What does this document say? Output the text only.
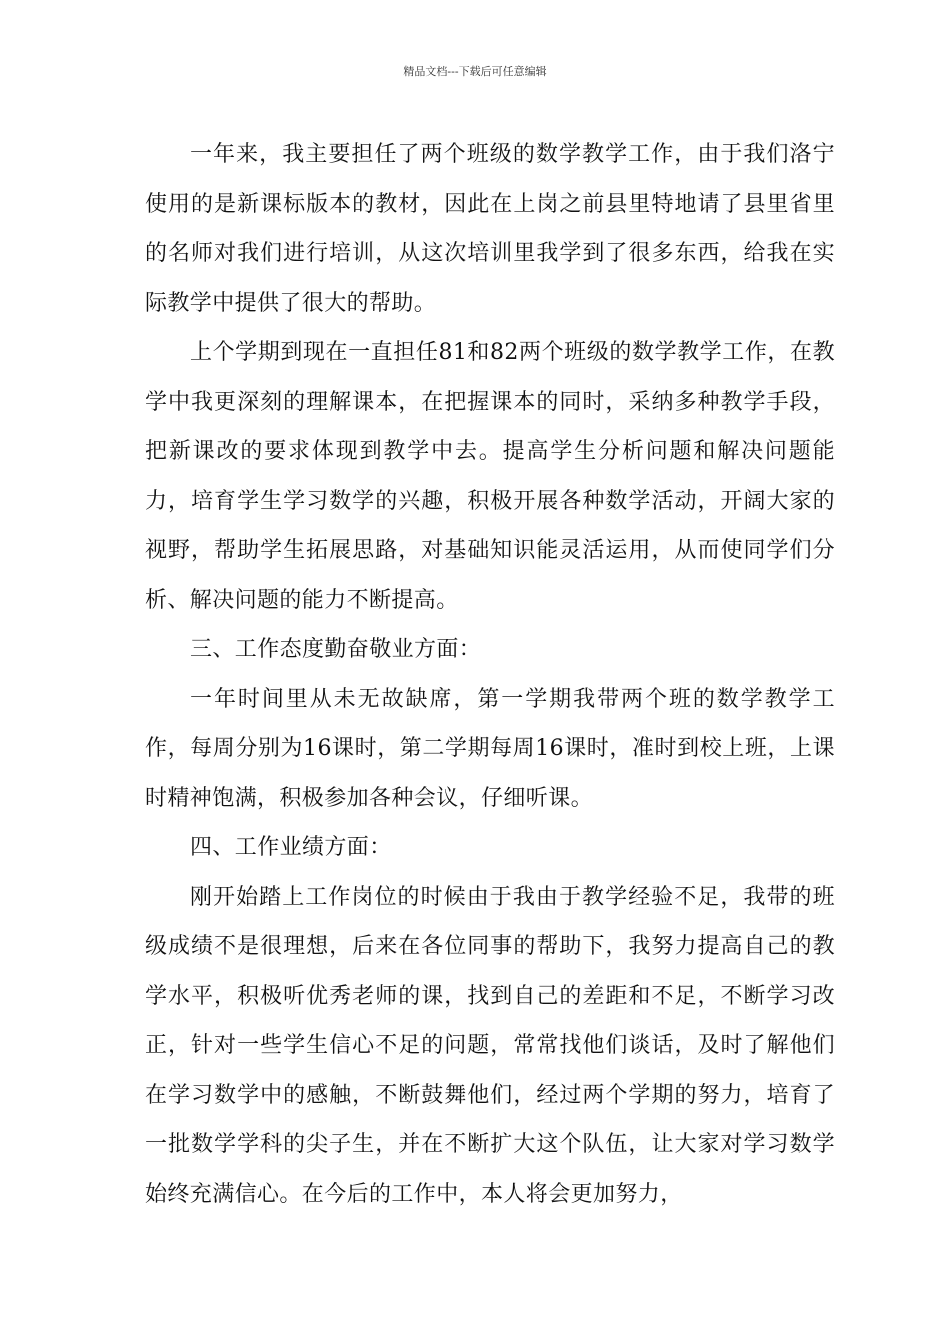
精品文档---下载后可任意编辑

一年来，我主要担任了两个班级的数学教学工作，由于我们洛宁使用的是新课标版本的教材，因此在上岗之前县里特地请了县里省里的名师对我们进行培训，从这次培训里我学到了很多东西，给我在实际教学中提供了很大的帮助。

上个学期到现在一直担任81和82两个班级的数学教学工作，在教学中我更深刻的理解课本，在把握课本的同时，采纳多种教学手段，把新课改的要求体现到教学中去。提高学生分析问题和解决问题能力，培育学生学习数学的兴趣，积极开展各种数学活动，开阔大家的视野，帮助学生拓展思路，对基础知识能灵活运用，从而使同学们分析、解决问题的能力不断提高。

三、工作态度勤奋敬业方面：

一年时间里从未无故缺席，第一学期我带两个班的数学教学工作，每周分别为16课时，第二学期每周16课时，准时到校上班，上课时精神饱满，积极参加各种会议，仔细听课。

四、工作业绩方面：

刚开始踏上工作岗位的时候由于我由于教学经验不足，我带的班级成绩不是很理想，后来在各位同事的帮助下，我努力提高自己的教学水平，积极听优秀老师的课，找到自己的差距和不足，不断学习改正，针对一些学生信心不足的问题，常常找他们谈话，及时了解他们在学习数学中的感触，不断鼓舞他们，经过两个学期的努力，培育了一批数学学科的尖子生，并在不断扩大这个队伍，让大家对学习数学始终充满信心。在今后的工作中，本人将会更加努力，
